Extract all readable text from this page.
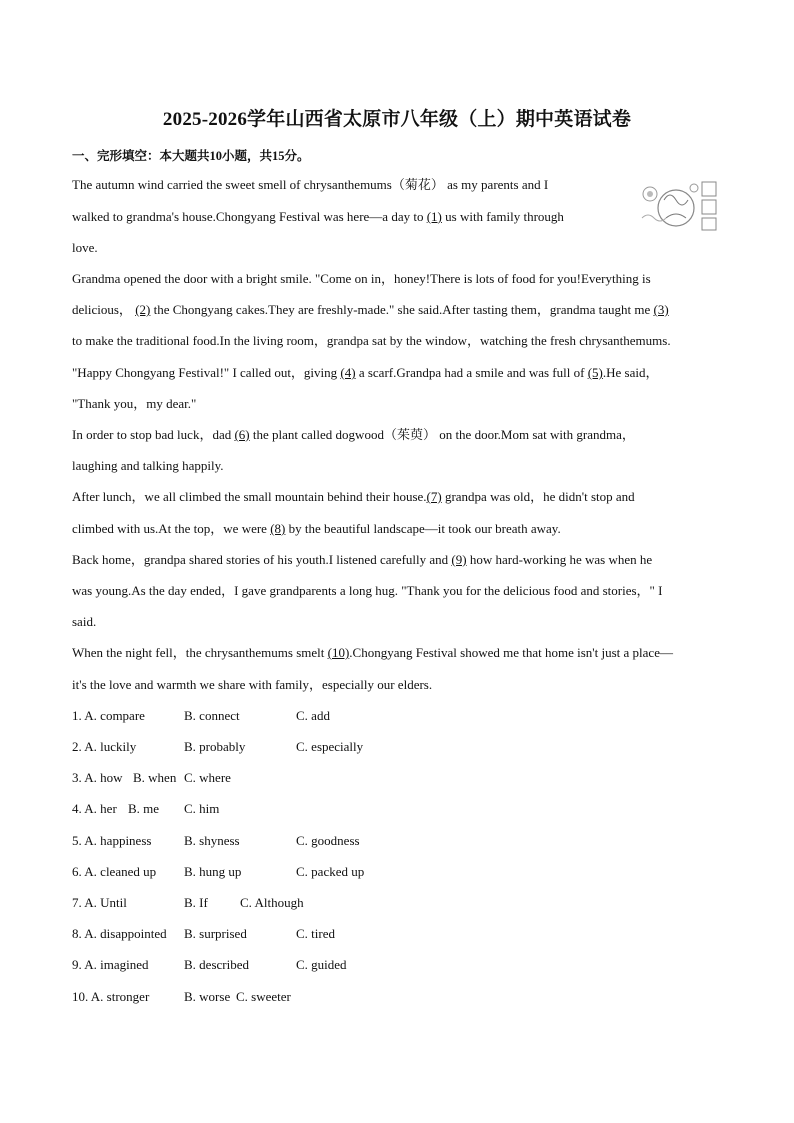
2025-2026学年山西省太原市八年级（上）期中英语试卷
一、完形填空：本大题共10小题，共15分。
The autumn wind carried the sweet smell of chrysanthemums（菊花） as my parents and I
walked to grandma's house.Chongyang Festival was here—a day to (1) us with family through
love.
Grandma opened the door with a bright smile. "Come on in，honey!There is lots of food for you!Everything is
delicious， (2) the Chongyang cakes.They are freshly-made." she said.After tasting them，grandma taught me (3)
to make the traditional food.In the living room，grandpa sat by the window，watching the fresh chrysanthemums.
"Happy Chongyang Festival!" I called out，giving (4) a scarf.Grandpa had a smile and was full of (5).He said，
"Thank you，my dear."
In order to stop bad luck，dad (6) the plant called dogwood（茱萸） on the door.Mom sat with grandma，
laughing and talking happily.
After lunch，we all climbed the small mountain behind their house.(7) grandpa was old，he didn't stop and
climbed with us.At the top，we were (8) by the beautiful landscape—it took our breath away.
Back home，grandpa shared stories of his youth.I listened carefully and (9) how hard-working he was when he
was young.As the day ended，I gave grandparents a long hug. "Thank you for the delicious food and stories，" I
said.
When the night fell，the chrysanthemums smelt (10).Chongyang Festival showed me that home isn't just a place—
it's the love and warmth we share with family，especially our elders.
1. A. compare	B. connect	C. add
2. A. luckily	B. probably	C. especially
3. A. how B. when C. where
4. A. her B. me C. him
5. A. happiness	B. shyness	C. goodness
6. A. cleaned up B. hung up	C. packed up
7. A. Until	B. If C. Although
8. A. disappointed B. surprised	C. tired
9. A. imagined	B. described	C. guided
10. A. stronger	B. worse C. sweeter
